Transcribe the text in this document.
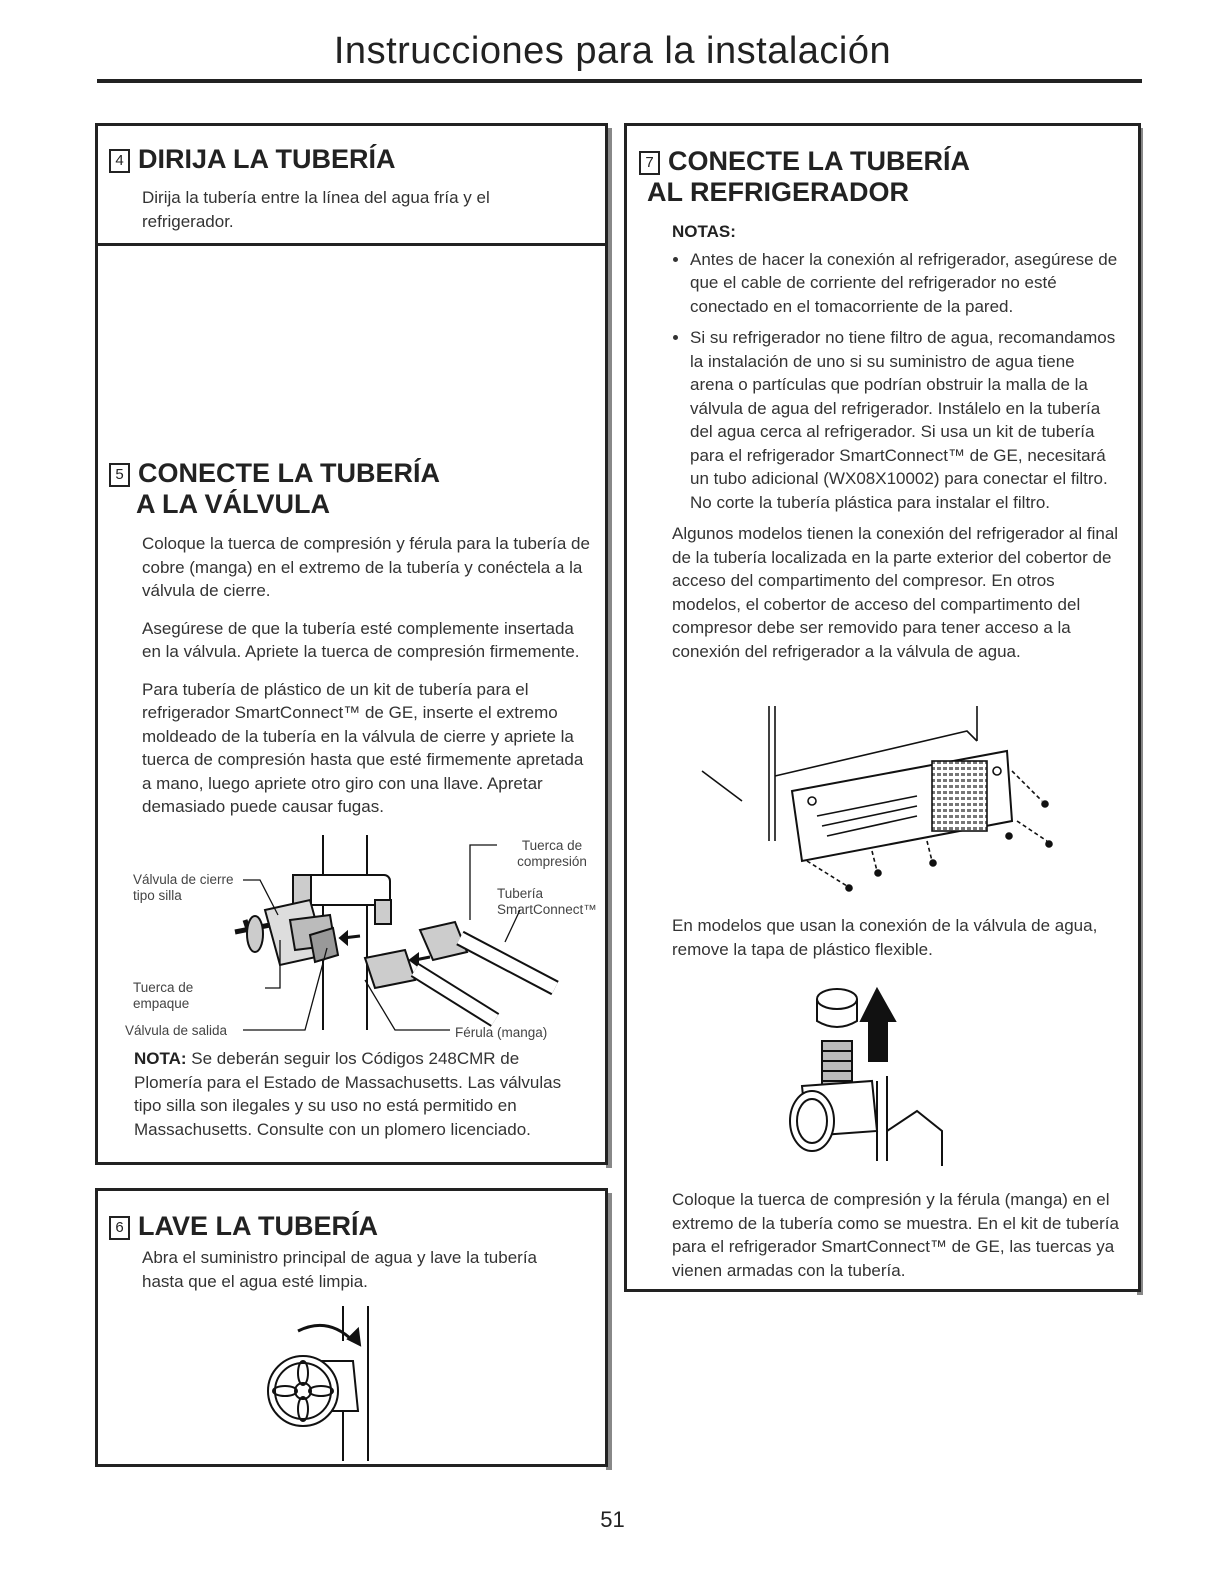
Instrucciones para la instalación
4 DIRIJA LA TUBERÍA

Dirija la tubería entre la línea del agua fría y el refrigerador.

5 CONECTE LA TUBERÍA
A LA VÁLVULA

Coloque la tuerca de compresión y férula para la tubería de cobre (manga) en el extremo de la tubería y conéctela a la válvula de cierre.

Asegúrese de que la tubería esté complemente insertada en la válvula. Apriete la tuerca de compresión firmemente.

Para tubería de plástico de un kit de tubería para el refrigerador SmartConnect™ de GE, inserte el extremo moldeado de la tubería en la válvula de cierre y apriete la tuerca de compresión hasta que esté firmemente apretada a mano, luego apriete otro giro con una llave. Apretar demasiado puede causar fugas.

Válvula de cierre tipo silla
Tuerca de empaque
Válvula de salida
Tuerca de compresión
Tubería SmartConnect™
Férula (manga)
NOTA: Se deberán seguir los Códigos 248CMR de Plomería para el Estado de Massachusetts. Las válvulas tipo silla son ilegales y su uso no está permitido en Massachusetts. Consulte con un plomero licenciado.
6 LAVE LA TUBERÍA

Abra el suministro principal de agua y lave la tubería hasta que el agua esté limpia.

7 CONECTE LA TUBERÍA
AL REFRIGERADOR
NOTAS:
• Antes de hacer la conexión al refrigerador, asegúrese de que el cable de corriente del refrigerador no esté conectado en el tomacorriente de la pared.
• Si su refrigerador no tiene filtro de agua, recomandamos la instalación de uno si su suministro de agua tiene arena o partículas que podrían obstruir la malla de la válvula de agua del refrigerador. Instálelo en la tubería del agua cerca al refrigerador. Si usa un kit de tubería para el refrigerador SmartConnect™ de GE, necesitará un tubo adicional (WX08X10002) para conectar el filtro. No corte la tubería plástica para instalar el filtro.

Algunos modelos tienen la conexión del refrigerador al final de la tubería localizada en la parte exterior del cobertor de acceso del compartimento del compresor. En otros modelos, el cobertor de acceso del compartimento del compresor debe ser removido para tener acceso a la conexión del refrigerador a la válvula de agua.

En modelos que usan la conexión de la válvula de agua, remove la tapa de plástico flexible.

Coloque la tuerca de compresión y la férula (manga) en el extremo de la tubería como se muestra. En el kit de tubería para el refrigerador SmartConnect™ de GE, las tuercas ya vienen armadas con la tubería.

51
